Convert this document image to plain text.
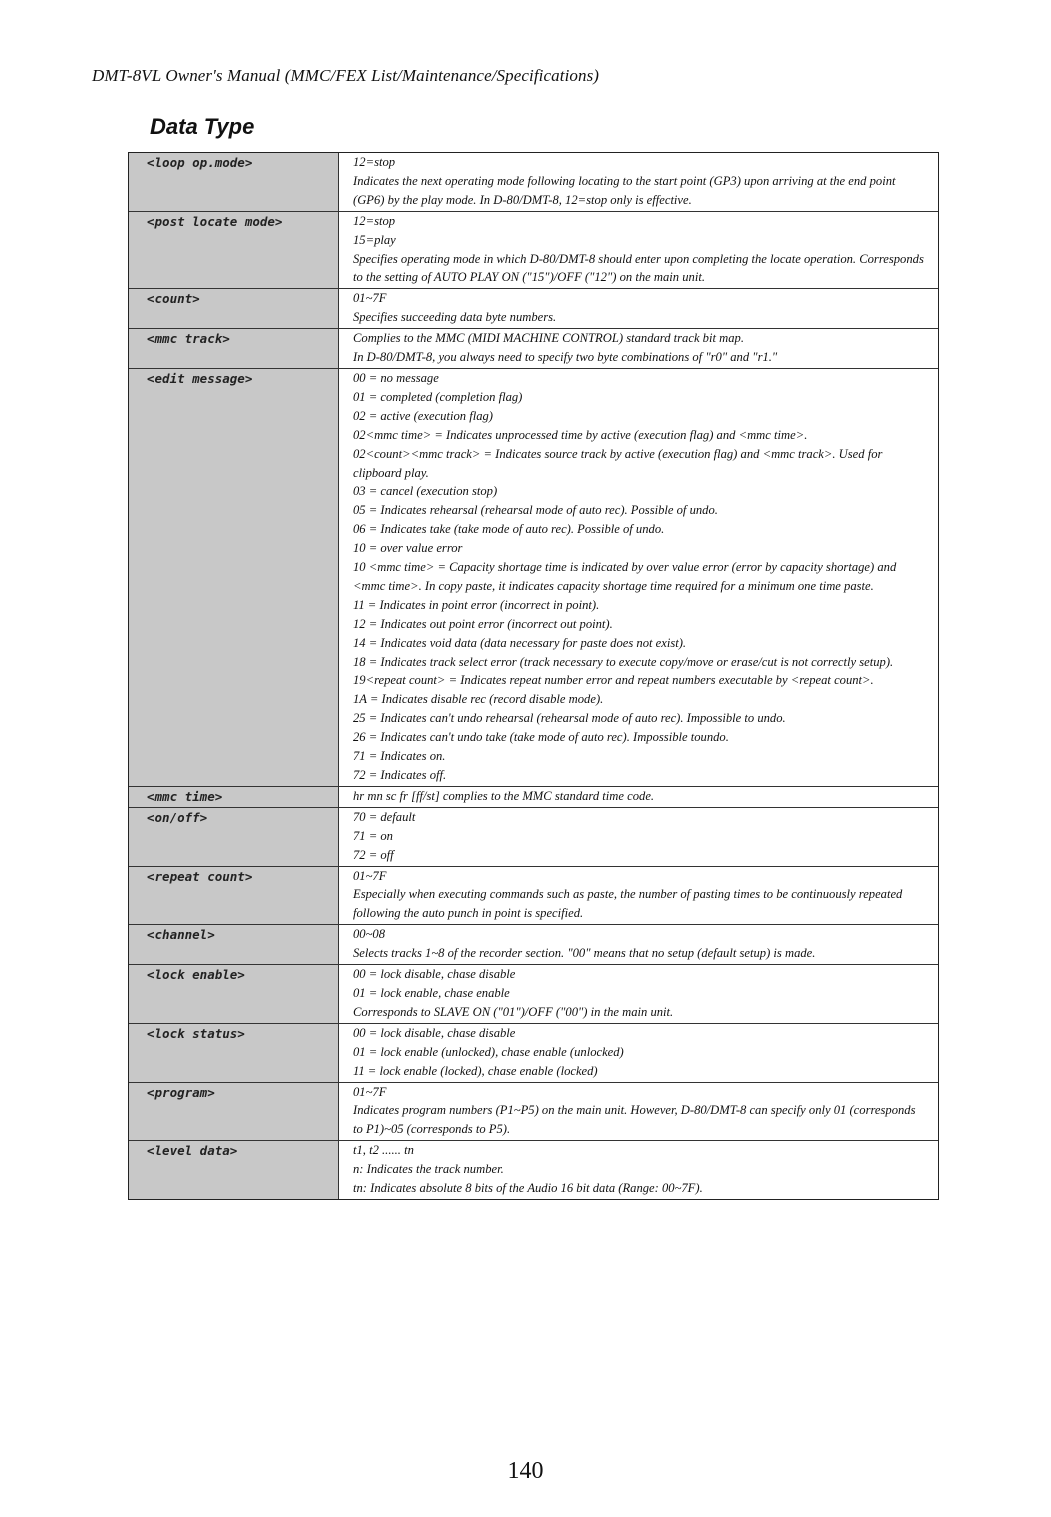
DMT-8VL Owner's Manual (MMC/FEX List/Maintenance/Specifications)
Data Type
<loop op.mode>	12=stop
Indicates the next operating mode following locating to the start point (GP3) upon arriving at the end point (GP6) by the play mode. In D-80/DMT-8, 12=stop only is effective.
<post locate mode>	12=stop
15=play
Specifies operating mode in which D-80/DMT-8 should enter upon completing the locate operation. Corresponds to the setting of AUTO PLAY ON ("15")/OFF ("12") on the main unit.
<count>	01~7F
Specifies succeeding data byte numbers.
<mmc track>	Complies to the MMC (MIDI MACHINE CONTROL) standard track bit map.
In D-80/DMT-8, you always need to specify two byte combinations of "r0" and "r1."
<edit message>	00 = no message
01 = completed (completion flag)
02 = active (execution flag)
02<mmc time> = Indicates unprocessed time by active (execution flag) and <mmc time>.
02<count><mmc track> = Indicates source track by active (execution flag) and <mmc track>. Used for clipboard play.
03 = cancel (execution stop)
05 = Indicates rehearsal (rehearsal mode of auto rec). Possible of undo.
06 = Indicates take (take mode of auto rec). Possible of undo.
10 = over value error
10 <mmc time> = Capacity shortage time is indicated by over value error (error by capacity shortage) and <mmc time>. In copy paste, it indicates capacity shortage time required for a minimum one time paste.
11 = Indicates in point error (incorrect in point).
12 = Indicates out point error (incorrect out point).
14 = Indicates void data (data necessary for paste does not exist).
18 = Indicates track select error (track necessary to execute copy/move or erase/cut is not correctly setup).
19<repeat count> = Indicates repeat number error and repeat numbers executable by <repeat count>.
1A = Indicates disable rec (record disable mode).
25 = Indicates can't undo rehearsal (rehearsal mode of auto rec). Impossible to undo.
26 = Indicates can't undo take (take mode of auto rec). Impossible toundo.
71 = Indicates on.
72 = Indicates off.
<mmc time>	hr mn sc fr [ff/st] complies to the MMC standard time code.
<on/off>	70 = default
71 = on
72 = off
<repeat count>	01~7F
Especially when executing commands such as paste, the number of pasting times to be continuously repeated following the auto punch in point is specified.
<channel>	00~08
Selects tracks 1~8 of the recorder section. "00" means that no setup (default setup) is made.
<lock enable>	00 = lock disable, chase disable
01 = lock enable, chase enable
Corresponds to SLAVE ON ("01")/OFF ("00") in the main unit.
<lock status>	00 = lock disable, chase disable
01 = lock enable (unlocked), chase enable (unlocked)
11 = lock enable (locked), chase enable (locked)
<program>	01~7F
Indicates program numbers (P1~P5) on the main unit. However, D-80/DMT-8 can specify only 01 (corresponds to P1)~05 (corresponds to P5).
<level data>	t1, t2 ...... tn
n: Indicates the track number.
tn: Indicates absolute 8 bits of the Audio 16 bit data (Range: 00~7F).
140
